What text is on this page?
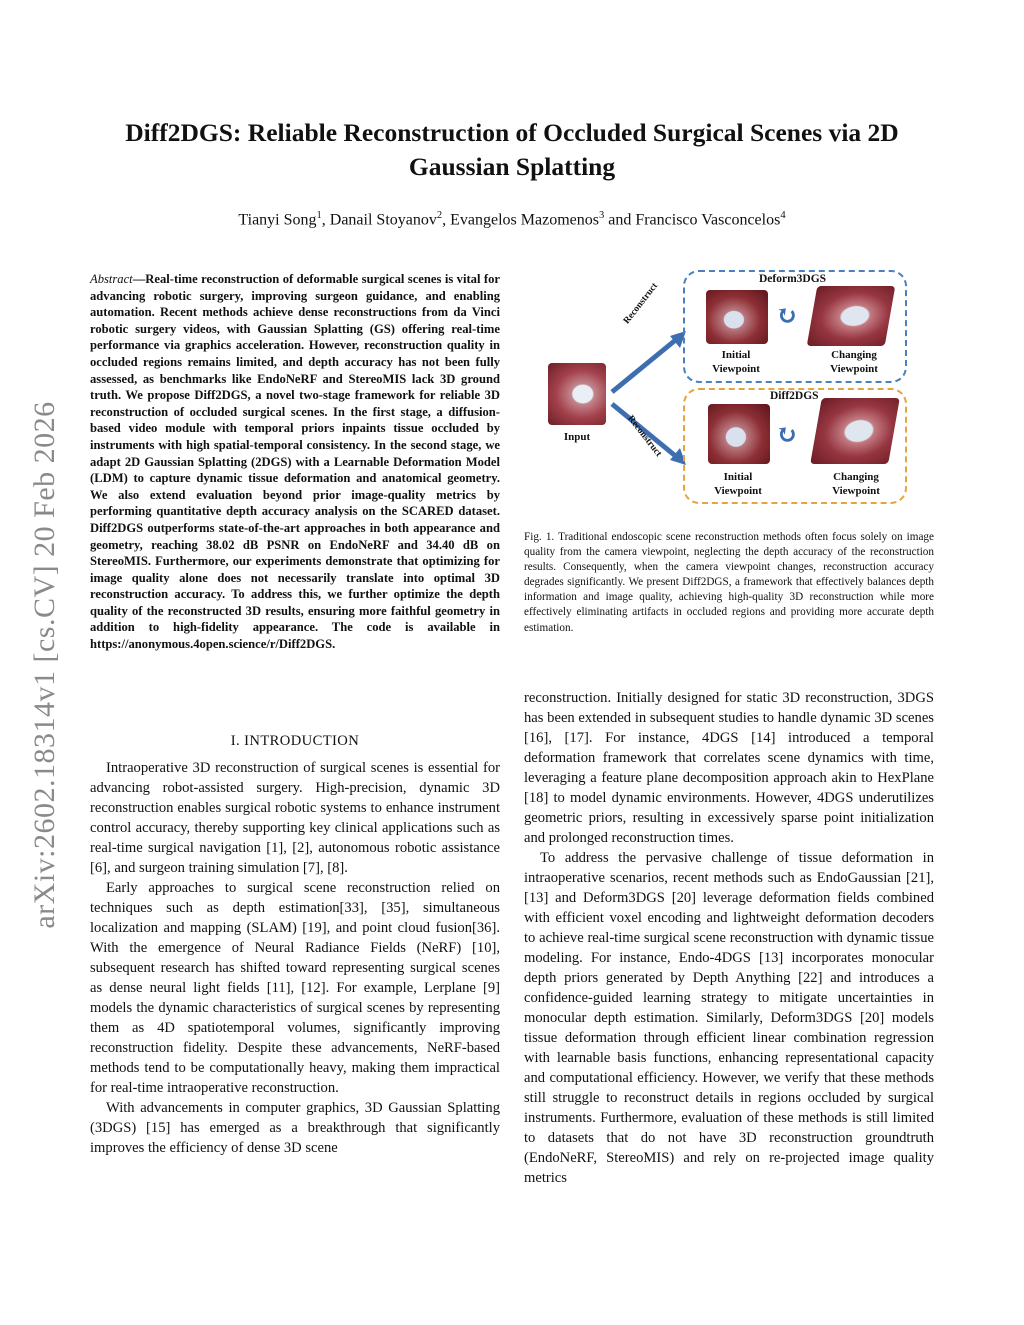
arXiv:2602.18314v1 [cs.CV] 20 Feb 2026
Diff2DGS: Reliable Reconstruction of Occluded Surgical Scenes via 2D Gaussian Splatting
Tianyi Song$^1$, Danail Stoyanov$^2$, Evangelos Mazomenos$^3$ and Francisco Vasconcelos$^4$
Abstract—Real-time reconstruction of deformable surgical scenes is vital for advancing robotic surgery, improving surgeon guidance, and enabling automation. Recent methods achieve dense reconstructions from da Vinci robotic surgery videos, with Gaussian Splatting (GS) offering real-time performance via graphics acceleration. However, reconstruction quality in occluded regions remains limited, and depth accuracy has not been fully assessed, as benchmarks like EndoNeRF and StereoMIS lack 3D ground truth. We propose Diff2DGS, a novel two-stage framework for reliable 3D reconstruction of occluded surgical scenes. In the first stage, a diffusion-based video module with temporal priors inpaints tissue occluded by instruments with high spatial-temporal consistency. In the second stage, we adapt 2D Gaussian Splatting (2DGS) with a Learnable Deformation Model (LDM) to capture dynamic tissue deformation and anatomical geometry. We also extend evaluation beyond prior image-quality metrics by performing quantitative depth accuracy analysis on the SCARED dataset. Diff2DGS outperforms state-of-the-art approaches in both appearance and geometry, reaching 38.02 dB PSNR on EndoNeRF and 34.40 dB on StereoMIS. Furthermore, our experiments demonstrate that optimizing for image quality alone does not necessarily translate into optimal 3D reconstruction accuracy. To address this, we further optimize the depth quality of the reconstructed 3D results, ensuring more faithful geometry in addition to high-fidelity appearance. The code is available in https://anonymous.4open.science/r/Diff2DGS.
I. INTRODUCTION

Intraoperative 3D reconstruction of surgical scenes is essential for advancing robot-assisted surgery. High-precision, dynamic 3D reconstruction enables surgical robotic systems to enhance instrument control accuracy, thereby supporting key clinical applications such as real-time surgical navigation [1], [2], autonomous robotic assistance [6], and surgeon training simulation [7], [8].

Early approaches to surgical scene reconstruction relied on techniques such as depth estimation[33], [35], simultaneous localization and mapping (SLAM) [19], and point cloud fusion[36]. With the emergence of Neural Radiance Fields (NeRF) [10], subsequent research has shifted toward representing surgical scenes as dense neural light fields [11], [12]. For example, Lerplane [9] models the dynamic characteristics of surgical scenes by representing them as 4D spatiotemporal volumes, significantly improving reconstruction fidelity. Despite these advancements, NeRF-based methods tend to be computationally heavy, making them impractical for real-time intraoperative reconstruction.

With advancements in computer graphics, 3D Gaussian Splatting (3DGS) [15] has emerged as a breakthrough that significantly improves the efficiency of dense 3D scene

Input
Reconstruct
Reconstruct
Deform3DGS
↻
Initial
Viewpoint
Changing
Viewpoint
Diff2DGS
↻
Initial
Viewpoint
Changing
Viewpoint
Fig. 1. Traditional endoscopic scene reconstruction methods often focus solely on image quality from the camera viewpoint, neglecting the depth accuracy of the reconstruction results. Consequently, when the camera viewpoint changes, reconstruction accuracy degrades significantly. We present Diff2DGS, a framework that effectively balances depth information and image quality, achieving high-quality 3D reconstruction while more effectively eliminating artifacts in occluded regions and providing more accurate depth estimation.

reconstruction. Initially designed for static 3D reconstruction, 3DGS has been extended in subsequent studies to handle dynamic 3D scenes [16], [17]. For instance, 4DGS [14] introduced a temporal deformation framework that correlates scene dynamics with time, leveraging a feature plane decomposition approach akin to HexPlane [18] to model dynamic environments. However, 4DGS underutilizes geometric priors, resulting in excessively sparse point initialization and prolonged reconstruction times.

To address the pervasive challenge of tissue deformation in intraoperative scenarios, recent methods such as EndoGaussian [21], [13] and Deform3DGS [20] leverage deformation fields combined with efficient voxel encoding and lightweight deformation decoders to achieve real-time surgical scene reconstruction with dynamic tissue modeling. For instance, Endo-4DGS [13] incorporates monocular depth priors generated by Depth Anything [22] and introduces a confidence-guided learning strategy to mitigate uncertainties in monocular depth estimation. Similarly, Deform3DGS [20] models tissue deformation through efficient linear combination regression with learnable basis functions, enhancing representational capacity and computational efficiency. However, we verify that these methods still struggle to reconstruct details in regions occluded by surgical instruments. Furthermore, evaluation of these methods is still limited to datasets that do not have 3D reconstruction groundtruth (EndoNeRF, StereoMIS) and rely on re-projected image quality metrics
